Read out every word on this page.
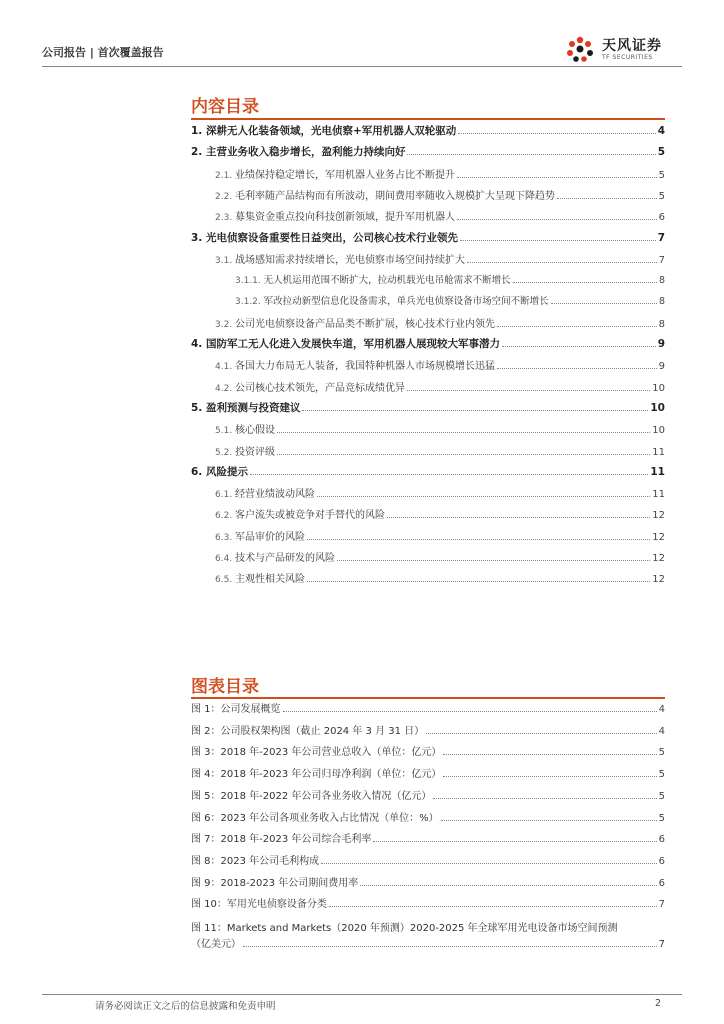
公司报告 | 首次覆盖报告	天风证券
TF SECURITIES
内容目录
1. 深耕无人化装备领域，光电侦察+军用机器人双轮驱动	4
2. 主营业务收入稳步增长，盈利能力持续向好	5
2.1. 业绩保持稳定增长，军用机器人业务占比不断提升	5
2.2. 毛利率随产品结构而有所波动，期间费用率随收入规模扩大呈现下降趋势	5
2.3. 募集资金重点投向科技创新领域，提升军用机器人	6
3. 光电侦察设备重要性日益突出，公司核心技术行业领先	7
3.1. 战场感知需求持续增长，光电侦察市场空间持续扩大	7
3.1.1. 无人机运用范围不断扩大，拉动机载光电吊舱需求不断增长	8
3.1.2. 军改拉动新型信息化设备需求，单兵光电侦察设备市场空间不断增长	8
3.2. 公司光电侦察设备产品品类不断扩展，核心技术行业内领先	8
4. 国防军工无人化进入发展快车道，军用机器人展现较大军事潜力	9
4.1. 各国大力布局无人装备，我国特种机器人市场规模增长迅猛	9
4.2. 公司核心技术领先，产品竞标成绩优异	10
5. 盈利预测与投资建议	10
5.1. 核心假设	10
5.2. 投资评级	11
6. 风险提示	11
6.1. 经营业绩波动风险	11
6.2. 客户流失或被竞争对手替代的风险	12
6.3. 军品审价的风险	12
6.4. 技术与产品研发的风险	12
6.5. 主观性相关风险	12
图表目录
图 1：公司发展概览	4
图 2：公司股权架构图（截止 2024 年 3 月 31 日）	4
图 3：2018 年-2023 年公司营业总收入（单位：亿元）	5
图 4：2018 年-2023 年公司归母净利润（单位：亿元）	5
图 5：2018 年-2022 年公司各业务收入情况（亿元）	5
图 6：2023 年公司各项业务收入占比情况（单位：%）	5
图 7：2018 年-2023 年公司综合毛利率	6
图 8：2023 年公司毛利构成	6
图 9：2018-2023 年公司期间费用率	6
图 10：军用光电侦察设备分类	7
图 11：Markets and Markets（2020 年预测）2020-2025 年全球军用光电设备市场空间预测
（亿美元）	7
请务必阅读正文之后的信息披露和免责申明	2
